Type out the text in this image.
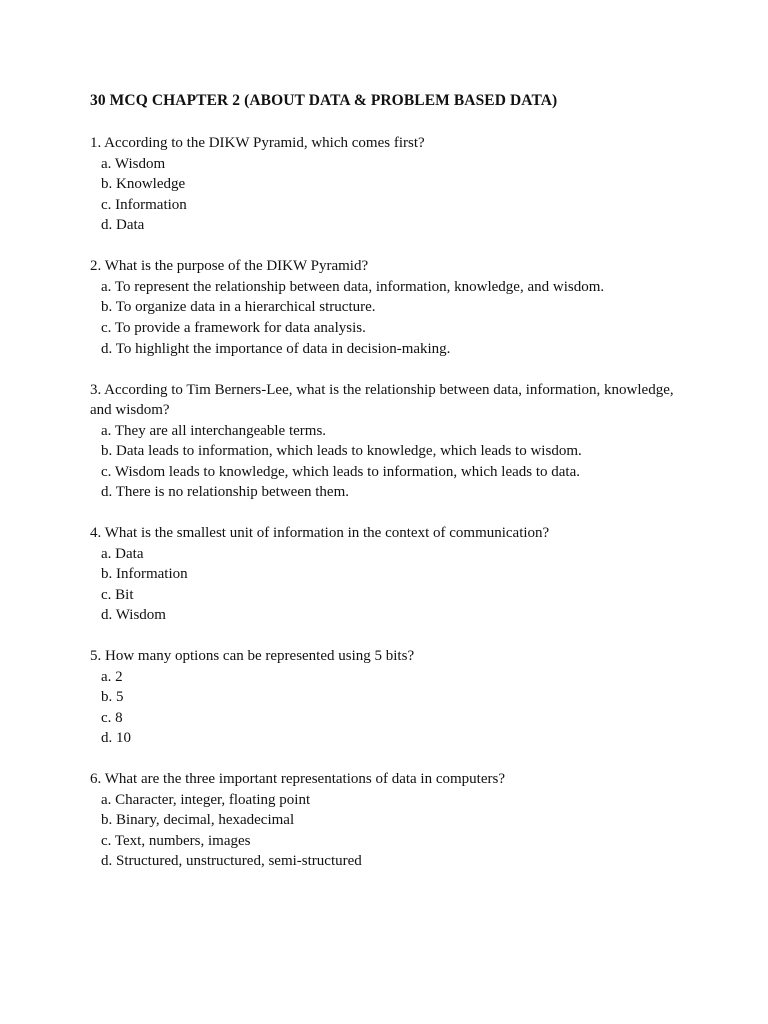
30 MCQ CHAPTER 2 (ABOUT DATA & PROBLEM BASED DATA)
1. According to the DIKW Pyramid, which comes first?
a. Wisdom
b. Knowledge
c. Information
d. Data
2. What is the purpose of the DIKW Pyramid?
a. To represent the relationship between data, information, knowledge, and wisdom.
b. To organize data in a hierarchical structure.
c. To provide a framework for data analysis.
d. To highlight the importance of data in decision-making.
3. According to Tim Berners-Lee, what is the relationship between data, information, knowledge,
and wisdom?
a. They are all interchangeable terms.
b. Data leads to information, which leads to knowledge, which leads to wisdom.
c. Wisdom leads to knowledge, which leads to information, which leads to data.
d. There is no relationship between them.
4. What is the smallest unit of information in the context of communication?
a. Data
b. Information
c. Bit
d. Wisdom
5. How many options can be represented using 5 bits?
a. 2
b. 5
c. 8
d. 10
6. What are the three important representations of data in computers?
a. Character, integer, floating point
b. Binary, decimal, hexadecimal
c. Text, numbers, images
d. Structured, unstructured, semi-structured
